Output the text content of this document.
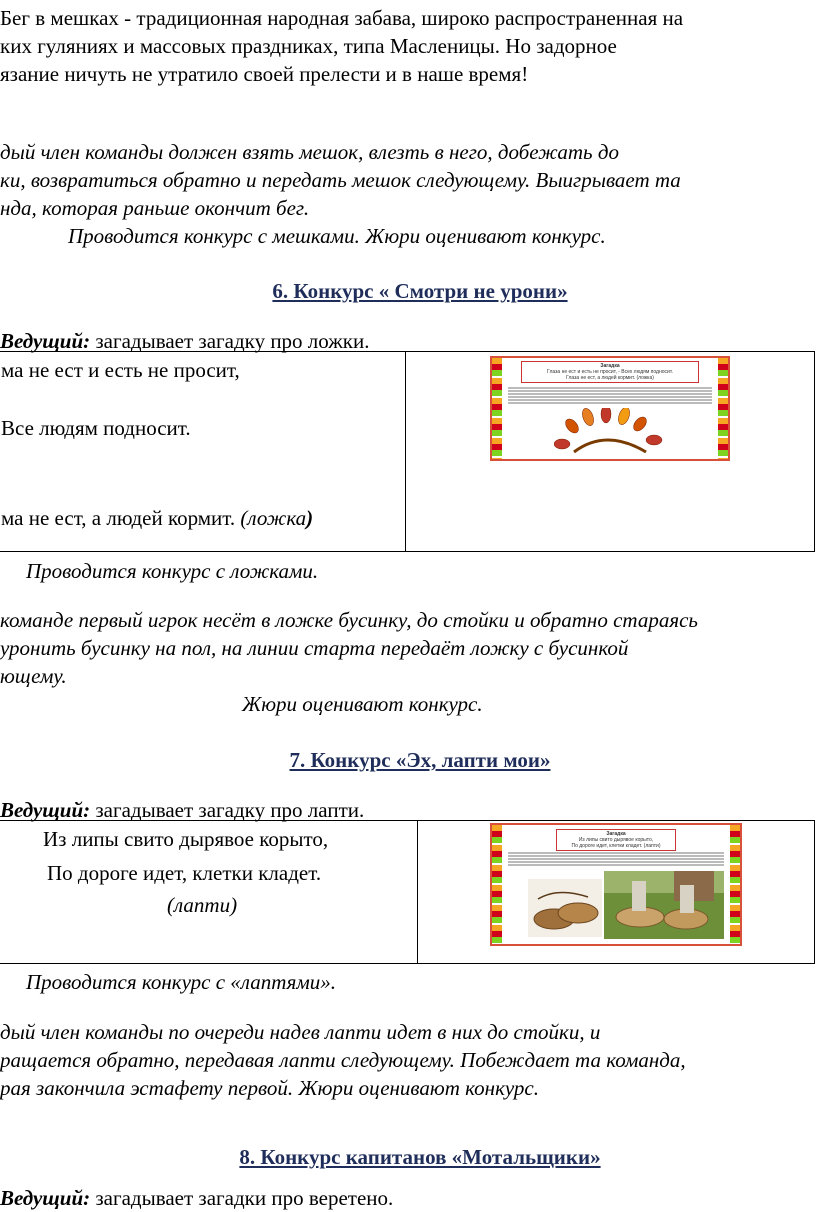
Бег в мешках - традиционная народная забава, широко распространенная на
ких гуляниях и массовых праздниках, типа Масленицы. Но задорное
язание ничуть не утратило своей прелести и в наше время!
дый член команды должен взять мешок, влезть в него, добежать до
ки, возвратиться обратно и передать мешок следующему. Выигрывает та
нда, которая раньше окончит бег.
Проводится конкурс с мешками. Жюри оценивают конкурс.
6. Конкурс « Смотри не урони»
Ведущий: загадывает загадку про ложки.
ма не ест и есть не просит,
Все людям подносит.
ма не ест, а людей кормит. (ложка)

Загадка
Глаза не ест и есть не просит, - Всех людям подносит.
Глаза не ест, а людей кормит. (ложка)
Проводится конкурс с ложками.
команде первый игрок несёт в ложке бусинку, до стойки и обратно стараясь
уронить бусинку на пол, на линии старта передаёт ложку с бусинкой
ющему.
Жюри оценивают конкурс.
7. Конкурс «Эх, лапти мои»
Ведущий: загадывает загадку про лапти.
Из липы свито дырявое корыто,
По дороге идет, клетки кладет.
(лапти)

Загадка
Из липы свито дырявое корыто,
По дороге идет, клетки кладет. (лапти)
Проводится конкурс с «лаптями».
дый член команды по очереди надев лапти идет в них до стойки, и
ращается обратно, передавая лапти следующему. Побеждает та команда,
рая закончила эстафету первой. Жюри оценивают конкурс.
8. Конкурс капитанов «Мотальщики»
Ведущий: загадывает загадки про веретено.
